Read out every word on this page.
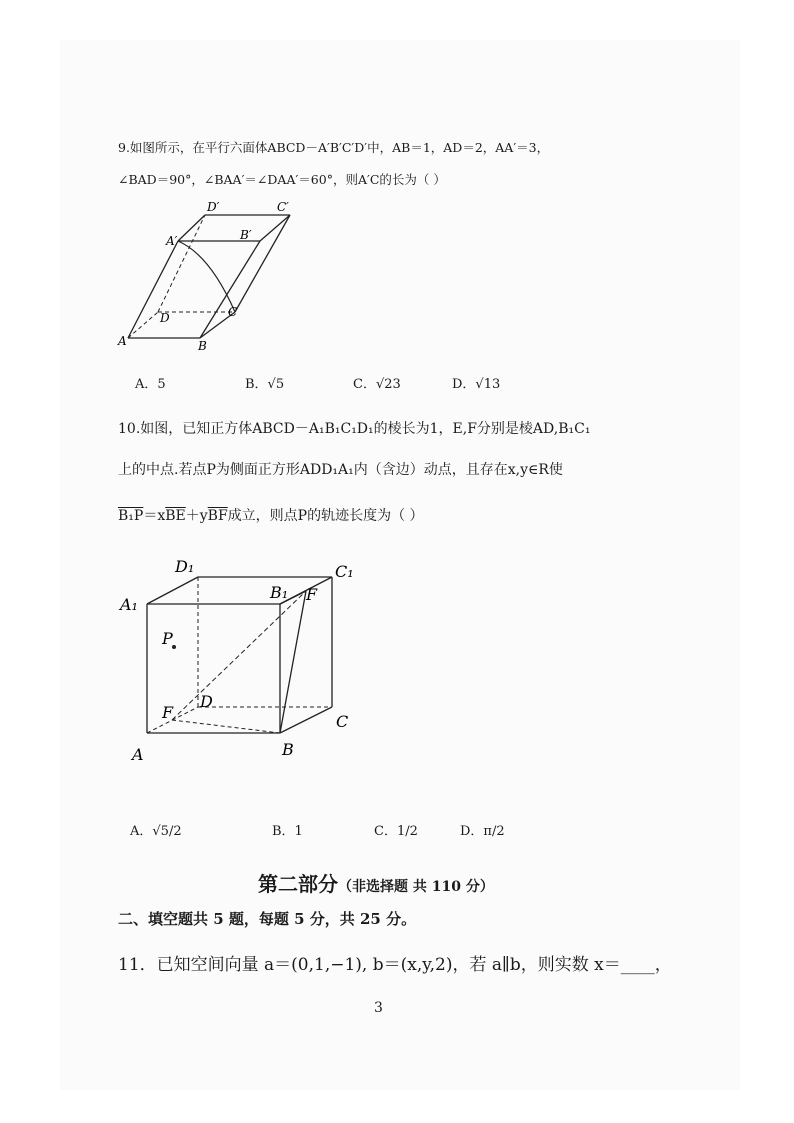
9.如图所示，在平行六面体ABCD－A′B′C′D′中，AB＝1，AD＝2，AA′＝3，
∠BAD＝90°，∠BAA′＝∠DAA′＝60°，则A′C的长为（ ）
A	B
C
D
A′	B′
C′
D′
A．5	B．√5	C．√23	D．√13
10.如图，已知正方体ABCD－A₁B₁C₁D₁的棱长为1，E,F分别是棱AD,B₁C₁
上的中点.若点P为侧面正方形ADD₁A₁内（含边）动点，且存在x,y∈R使
$B_1P=x\overline{BE}+y\overline{BF}$成立，则点P的轨迹长度为（ ）
A	B
C
D
A₁
B₁
C₁
D₁
F
F
P
A．√5/2	B．1	C．1/2	D．π/2
第二部分（非选择题 共 110 分）
二、填空题共 5 题，每题 5 分，共 25 分。
11．已知空间向量 a＝(0,1,−1), b＝(x,y,2)，若 a∥b，则实数 x＝____，
3
